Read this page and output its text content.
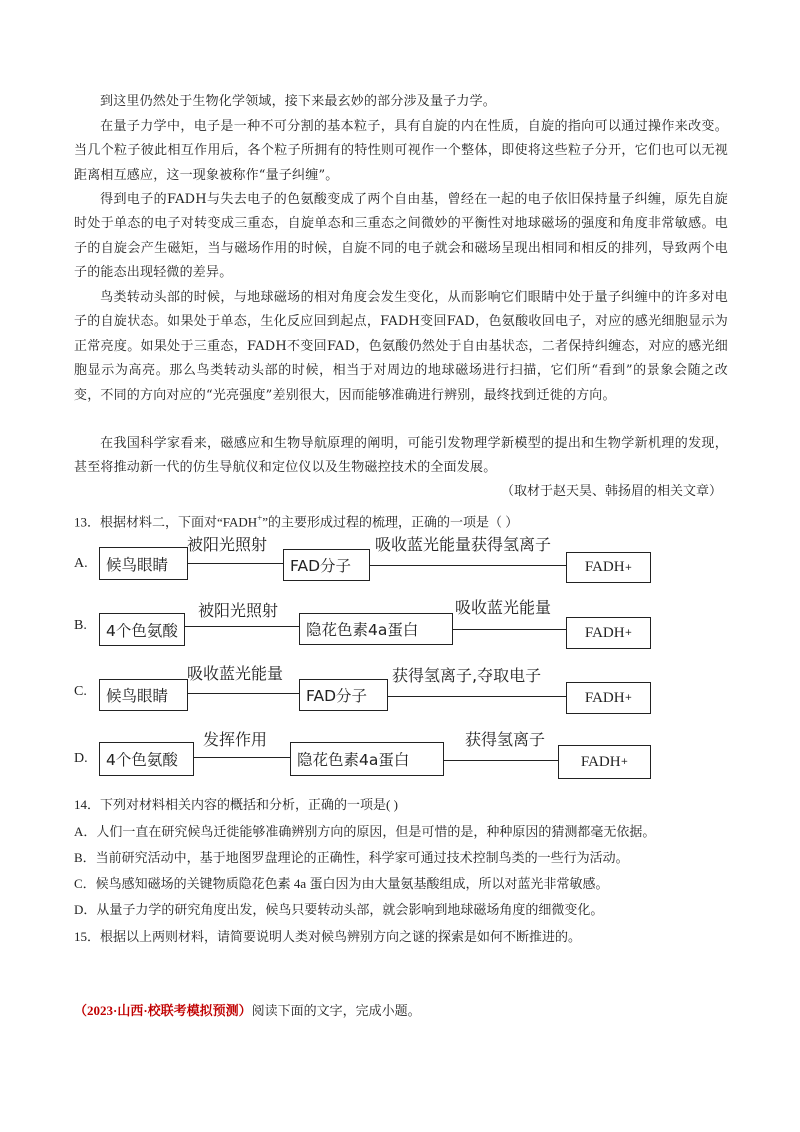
到这里仍然处于生物化学领域，接下来最玄妙的部分涉及量子力学。

在量子力学中，电子是一种不可分割的基本粒子，具有自旋的内在性质，自旋的指向可以通过操作来改变。当几个粒子彼此相互作用后，各个粒子所拥有的特性则可视作一个整体，即使将这些粒子分开，它们也可以无视距离相互感应，这一现象被称作“量子纠缠”。

得到电子的FADH与失去电子的色氨酸变成了两个自由基，曾经在一起的电子依旧保持量子纠缠，原先自旋时处于单态的电子对转变成三重态，自旋单态和三重态之间微妙的平衡性对地球磁场的强度和角度非常敏感。电子的自旋会产生磁矩，当与磁场作用的时候，自旋不同的电子就会和磁场呈现出相同和相反的排列，导致两个电子的能态出现轻微的差异。

鸟类转动头部的时候，与地球磁场的相对角度会发生变化，从而影响它们眼睛中处于量子纠缠中的许多对电子的自旋状态。如果处于单态，生化反应回到起点，FADH变回FAD，色氨酸收回电子，对应的感光细胞显示为正常亮度。如果处于三重态，FADH不变回FAD，色氨酸仍然处于自由基状态，二者保持纠缠态，对应的感光细胞显示为高亮。那么鸟类转动头部的时候，相当于对周边的地球磁场进行扫描，它们所“看到”的景象会随之改变，不同的方向对应的“光亮强度”差别很大，因而能够准确进行辨别，最终找到迁徙的方向。

在我国科学家看来，磁感应和生物导航原理的阐明，可能引发物理学新模型的提出和生物学新机理的发现，甚至将推动新一代的仿生导航仪和定位仪以及生物磁控技术的全面发展。

（取材于赵天昊、韩扬眉的相关文章）
13．根据材料二，下面对“FADH+”的主要形成过程的梳理，正确的一项是（ ）
A.	候鸟眼睛
被阳光照射
FAD分子
吸收蓝光能量获得氢离子
FADH +
B.	4个色氨酸
被阳光照射
隐花色素4a蛋白
吸收蓝光能量
FADH +
C.	候鸟眼睛
吸收蓝光能量
FAD分子
获得氢离子,夺取电子
FADH +
D.	4个色氨酸
发挥作用
隐花色素4a蛋白
获得氢离子
FADH +
14．下列对材料相关内容的概括和分析，正确的一项是( )
A．人们一直在研究候鸟迁徙能够准确辨别方向的原因，但是可惜的是，种种原因的猜测都毫无依据。
B．当前研究活动中，基于地图罗盘理论的正确性，科学家可通过技术控制鸟类的一些行为活动。
C．候鸟感知磁场的关键物质隐花色素 4a 蛋白因为由大量氨基酸组成，所以对蓝光非常敏感。
D．从量子力学的研究角度出发，候鸟只要转动头部，就会影响到地球磁场角度的细微变化。
15．根据以上两则材料，请简要说明人类对候鸟辨别方向之谜的探索是如何不断推进的。
（2023·山西·校联考模拟预测）阅读下面的文字，完成小题。
